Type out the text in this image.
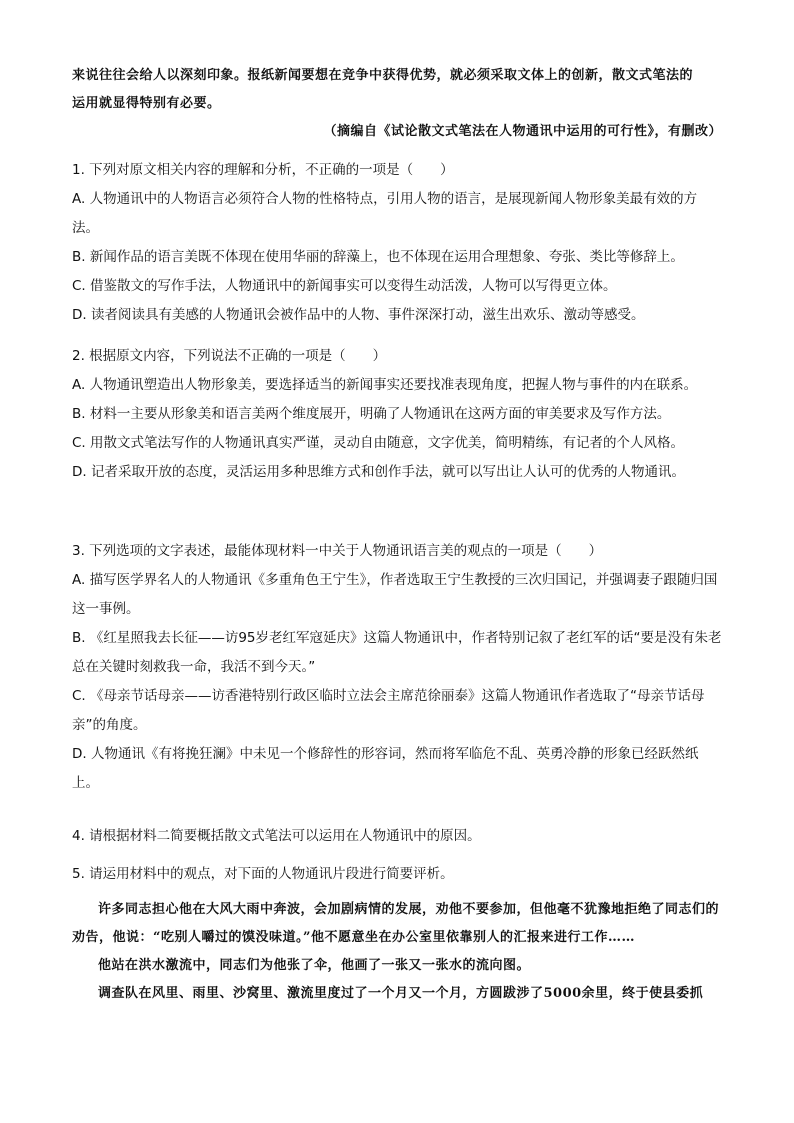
来说往往会给人以深刻印象。报纸新闻要想在竞争中获得优势，就必须采取文体上的创新，散文式笔法的

运用就显得特别有必要。

（摘编自《试论散文式笔法在人物通讯中运用的可行性》，有删改）

1. 下列对原文相关内容的理解和分析，不正确的一项是（　　）

A. 人物通讯中的人物语言必须符合人物的性格特点，引用人物的语言，是展现新闻人物形象美最有效的方法。

B. 新闻作品的语言美既不体现在使用华丽的辞藻上，也不体现在运用合理想象、夸张、类比等修辞上。

C. 借鉴散文的写作手法，人物通讯中的新闻事实可以变得生动活泼，人物可以写得更立体。

D. 读者阅读具有美感的人物通讯会被作品中的人物、事件深深打动，滋生出欢乐、激动等感受。

2. 根据原文内容，下列说法不正确的一项是（　　）

A. 人物通讯塑造出人物形象美，要选择适当的新闻事实还要找准表现角度，把握人物与事件的内在联系。

B. 材料一主要从形象美和语言美两个维度展开，明确了人物通讯在这两方面的审美要求及写作方法。

C. 用散文式笔法写作的人物通讯真实严谨，灵动自由随意，文字优美，简明精练，有记者的个人风格。

D. 记者采取开放的态度，灵活运用多种思维方式和创作手法，就可以写出让人认可的优秀的人物通讯。

3. 下列选项的文字表述，最能体现材料一中关于人物通讯语言美的观点的一项是（　　）

A. 描写医学界名人的人物通讯《多重角色王宁生》，作者选取王宁生教授的三次归国记，并强调妻子跟随归国这一事例。

B. 《红星照我去长征——访95岁老红军寇延庆》这篇人物通讯中，作者特别记叙了老红军的话“要是没有朱老总在关键时刻救我一命，我活不到今天。”

C. 《母亲节话母亲——访香港特别行政区临时立法会主席范徐丽泰》这篇人物通讯作者选取了“母亲节话母亲”的角度。

D. 人物通讯《有将挽狂澜》中未见一个修辞性的形容词，然而将军临危不乱、英勇冷静的形象已经跃然纸上。

4. 请根据材料二简要概括散文式笔法可以运用在人物通讯中的原因。

5. 请运用材料中的观点，对下面的人物通讯片段进行简要评析。

许多同志担心他在大风大雨中奔波，会加剧病情的发展，劝他不要参加，但他毫不犹豫地拒绝了同志们的劝告，他说：“吃别人嚼过的馍没味道。”他不愿意坐在办公室里依靠别人的汇报来进行工作……

他站在洪水激流中，同志们为他张了伞，他画了一张又一张水的流向图。

调查队在风里、雨里、沙窝里、激流里度过了一个月又一个月，方圆跋涉了5000余里，终于使县委抓
